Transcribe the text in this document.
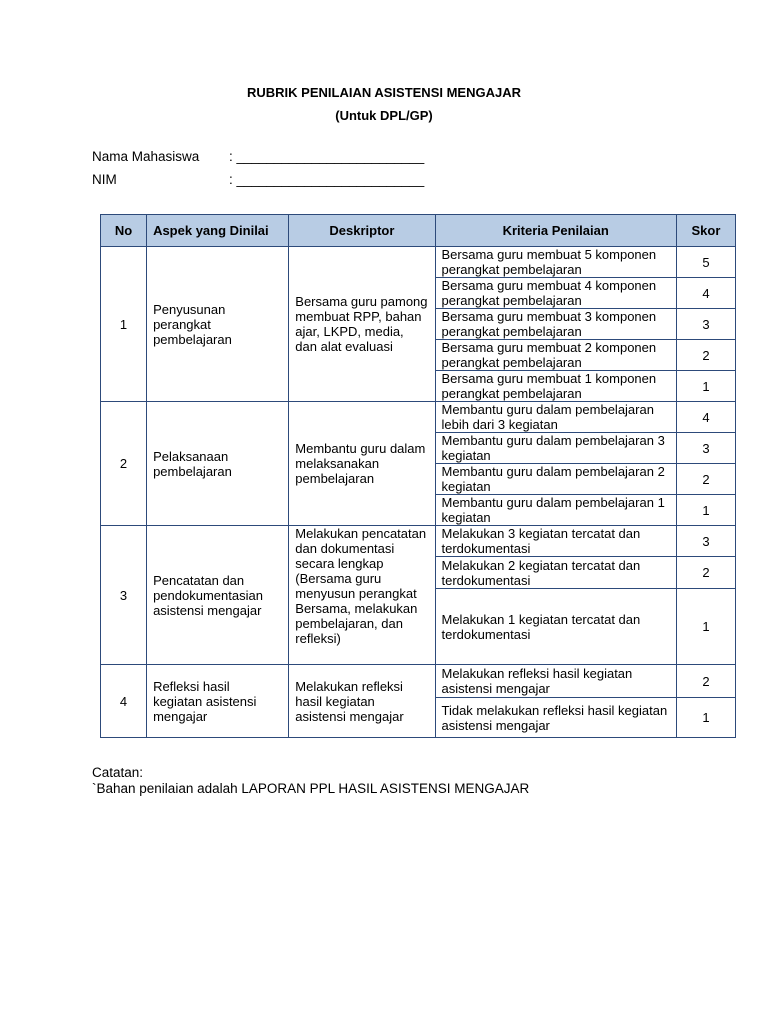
RUBRIK PENILAIAN ASISTENSI MENGAJAR
(Untuk DPL/GP)
Nama Mahasiswa : _________________________
NIM	: _________________________
No	Aspek yang Dinilai	Deskriptor	Kriteria Penilaian	Skor
1	Penyusunan perangkat pembelajaran	Bersama guru pamong membuat RPP, bahan ajar, LKPD, media, dan alat evaluasi	Bersama guru membuat 5 komponen perangkat pembelajaran	5
			Bersama guru membuat 4 komponen perangkat pembelajaran	4
			Bersama guru membuat 3 komponen perangkat pembelajaran	3
			Bersama guru membuat 2 komponen perangkat pembelajaran	2
			Bersama guru membuat 1 komponen perangkat pembelajaran	1
2	Pelaksanaan pembelajaran	Membantu guru dalam melaksanakan pembelajaran	Membantu guru dalam pembelajaran lebih dari 3 kegiatan	4
			Membantu guru dalam pembelajaran 3 kegiatan	3
			Membantu guru dalam pembelajaran 2 kegiatan	2
			Membantu guru dalam pembelajaran 1 kegiatan	1
3	Pencatatan dan pendokumentasian asistensi mengajar	Melakukan pencatatan dan dokumentasi secara lengkap (Bersama guru menyusun perangkat Bersama, melakukan pembelajaran, dan refleksi)	Melakukan 3 kegiatan tercatat dan terdokumentasi	3
			Melakukan 2 kegiatan tercatat dan terdokumentasi	2
			Melakukan 1 kegiatan tercatat dan terdokumentasi	1
4	Refleksi hasil kegiatan asistensi mengajar	Melakukan refleksi hasil kegiatan asistensi mengajar	Melakukan refleksi hasil kegiatan asistensi mengajar	2
			Tidak melakukan refleksi hasil kegiatan asistensi mengajar	1
Catatan:
`Bahan penilaian adalah LAPORAN PPL HASIL ASISTENSI MENGAJAR
